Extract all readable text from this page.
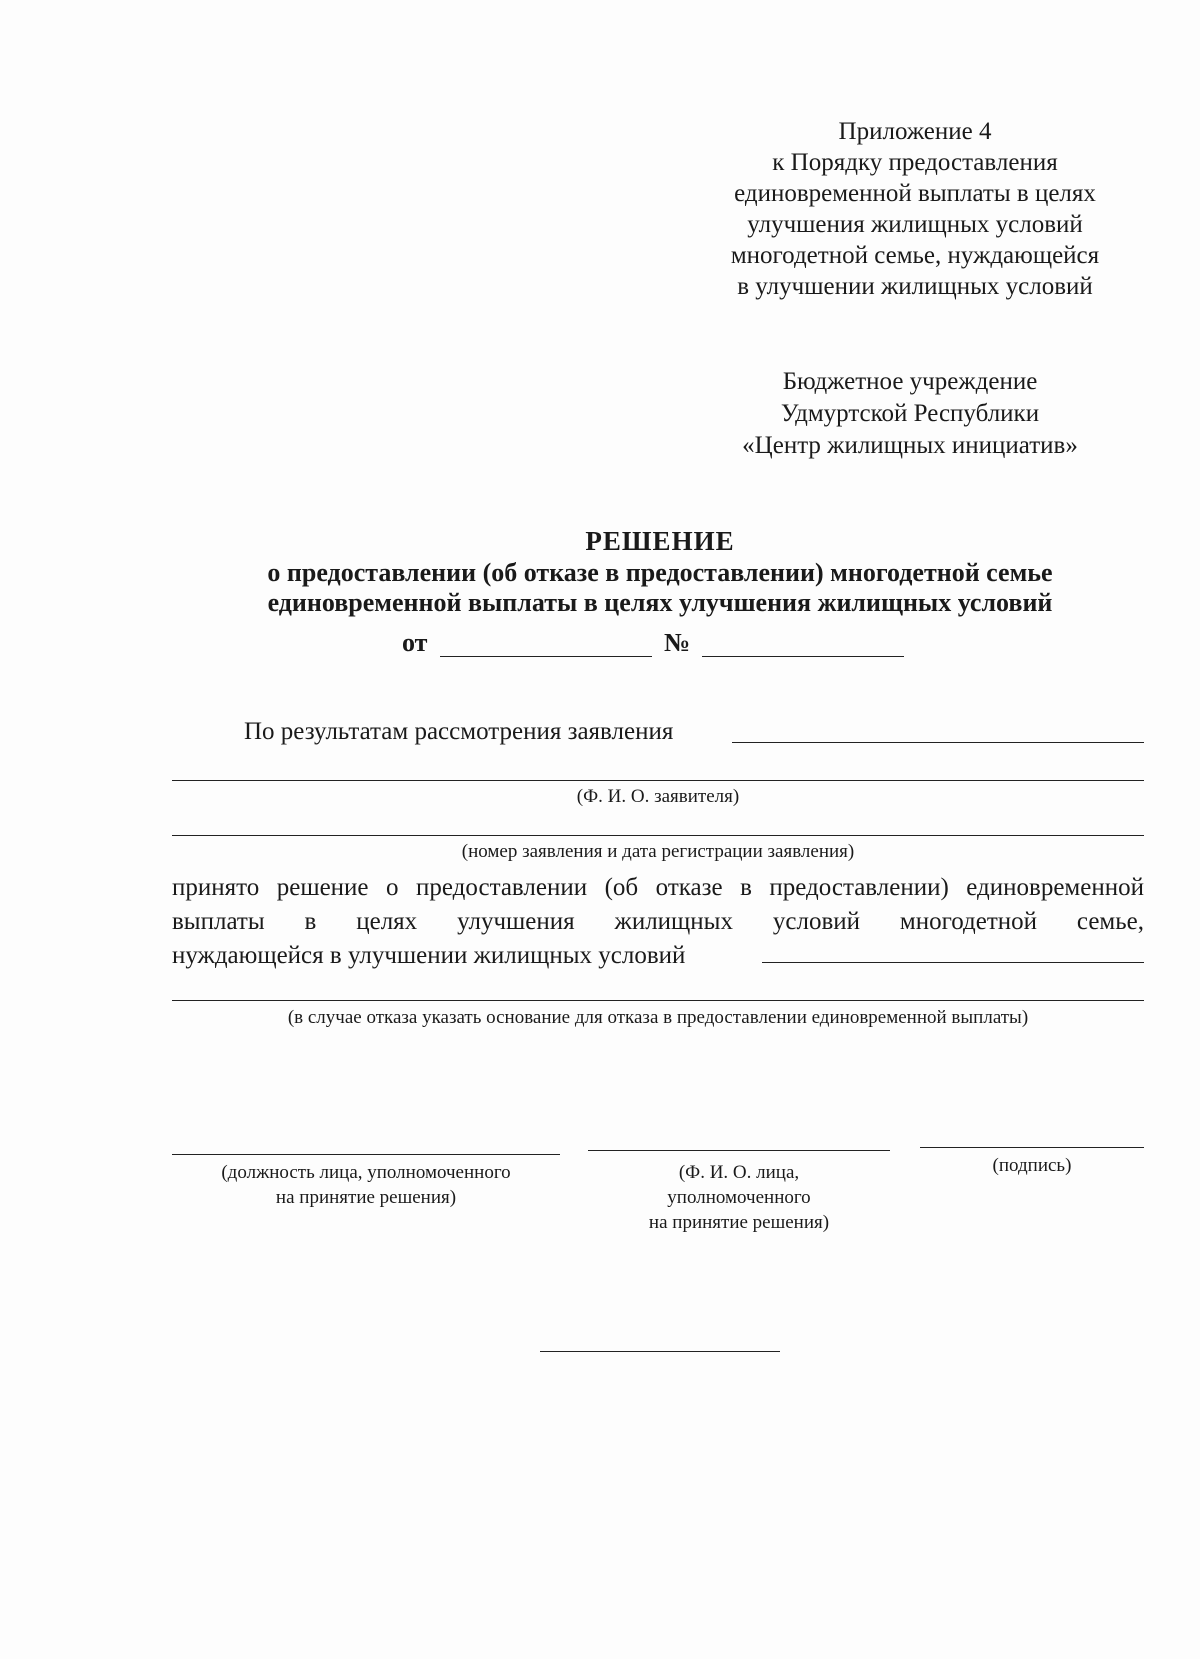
Приложение 4
к Порядку предоставления
единовременной выплаты в целях
улучшения жилищных условий
многодетной семье, нуждающейся
в улучшении жилищных условий
Бюджетное учреждение
Удмуртской Республики
«Центр жилищных инициатив»
РЕШЕНИЕ
о предоставлении (об отказе в предоставлении) многодетной семье
единовременной выплаты в целях улучшения жилищных условий
от	№
По результатам рассмотрения заявления
(Ф. И. О. заявителя)
(номер заявления и дата регистрации заявления)
принято решение о предоставлении (об отказе в предоставлении) единовременной
выплаты в целях улучшения жилищных условий многодетной семье,
нуждающейся в улучшении жилищных условий
(в случае отказа указать основание для отказа в предоставлении единовременной выплаты)
(должность лица, уполномоченного
на принятие решения)
(Ф. И. О. лица,
уполномоченного
на принятие решения)
(подпись)
